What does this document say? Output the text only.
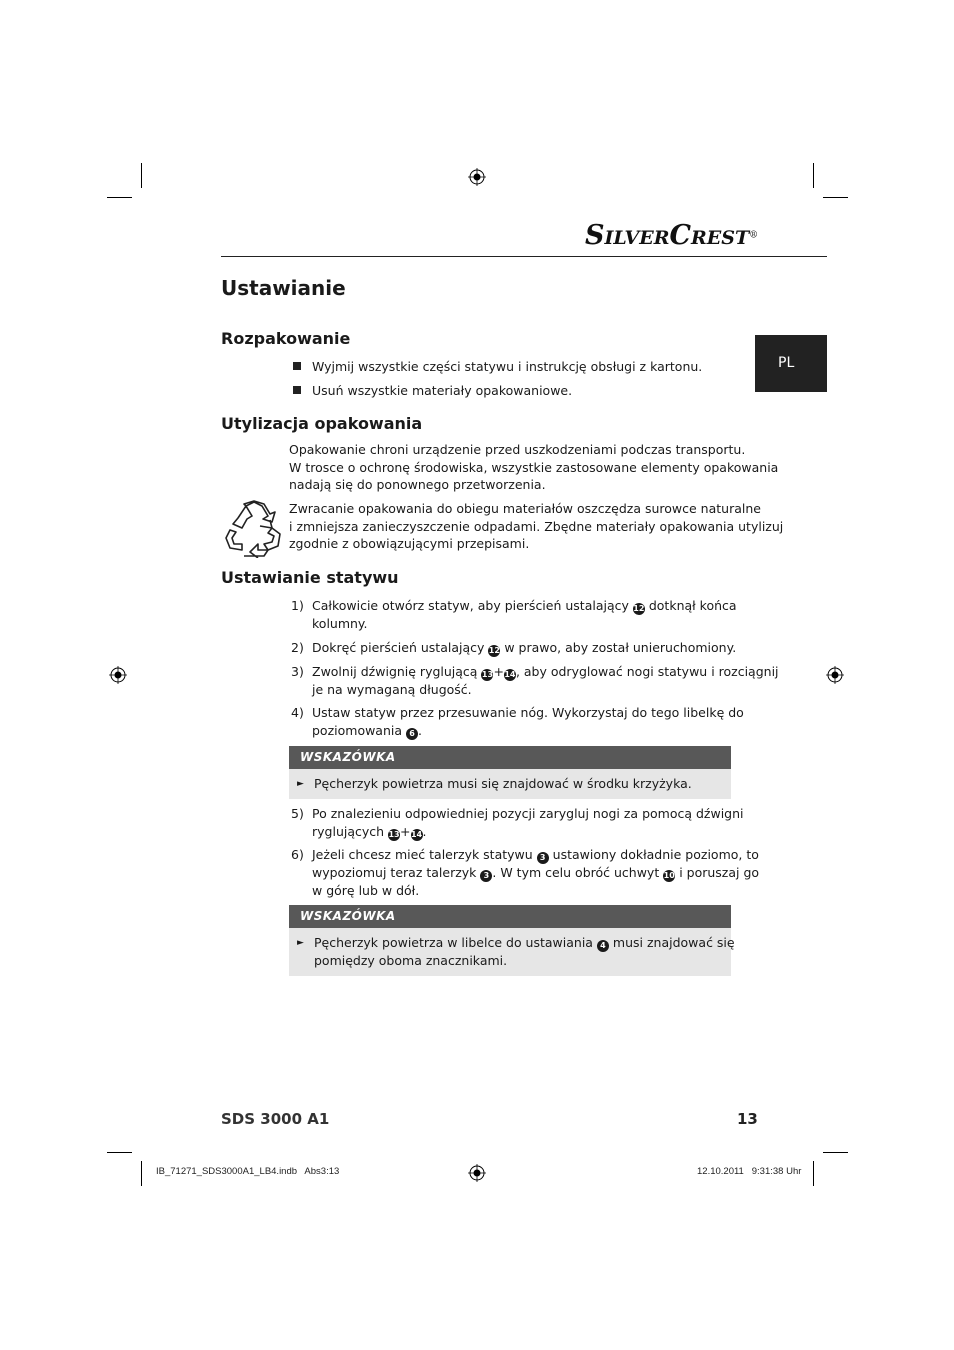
SILVERCREST®
PL
Ustawianie
Rozpakowanie
Wyjmij wszystkie części statywu i instrukcję obsługi z kartonu.
Usuń wszystkie materiały opakowaniowe.
Utylizacja opakowania
Opakowanie chroni urządzenie przed uszkodzeniami podczas transportu.
W trosce o ochronę środowiska, wszystkie zastosowane elementy opakowania
nadają się do ponownego przetworzenia.
Zwracanie opakowania do obiegu materiałów oszczędza surowce naturalne
i zmniejsza zanieczyszczenie odpadami. Zbędne materiały opakowania utylizuj
zgodnie z obowiązującymi przepisami.
Ustawianie statywu
1) Całkowicie otwórz statyw, aby pierścień ustalający 12 dotknął końca
kolumny.
2) Dokręć pierścień ustalający 12 w prawo, aby został unieruchomiony.
3) Zwolnij dźwignię ryglującą 13+14, aby odryglować nogi statywu i rozciągnij
je na wymaganą długość.
4) Ustaw statyw przez przesuwanie nóg. Wykorzystaj do tego libelkę do
poziomowania 6 .
WSKAZÓWKA
► Pęcherzyk powietrza musi się znajdować w środku krzyżyka.
5) Po znalezieniu odpowiedniej pozycji zarygluj nogi za pomocą dźwigni
ryglujących 13+14.
6) Jeżeli chcesz mieć talerzyk statywu 3 ustawiony dokładnie poziomo, to
wypoziomuj teraz talerzyk 3 . W tym celu obróć uchwyt 10 i poruszaj go
w górę lub w dół.
WSKAZÓWKA
► Pęcherzyk powietrza w libelce do ustawiania 4 musi znajdować się
pomiędzy oboma znacznikami.
SDS 3000 A1	13
IB_71271_SDS3000A1_LB4.indb   Abs3:13	12.10.2011   9:31:38 Uhr
